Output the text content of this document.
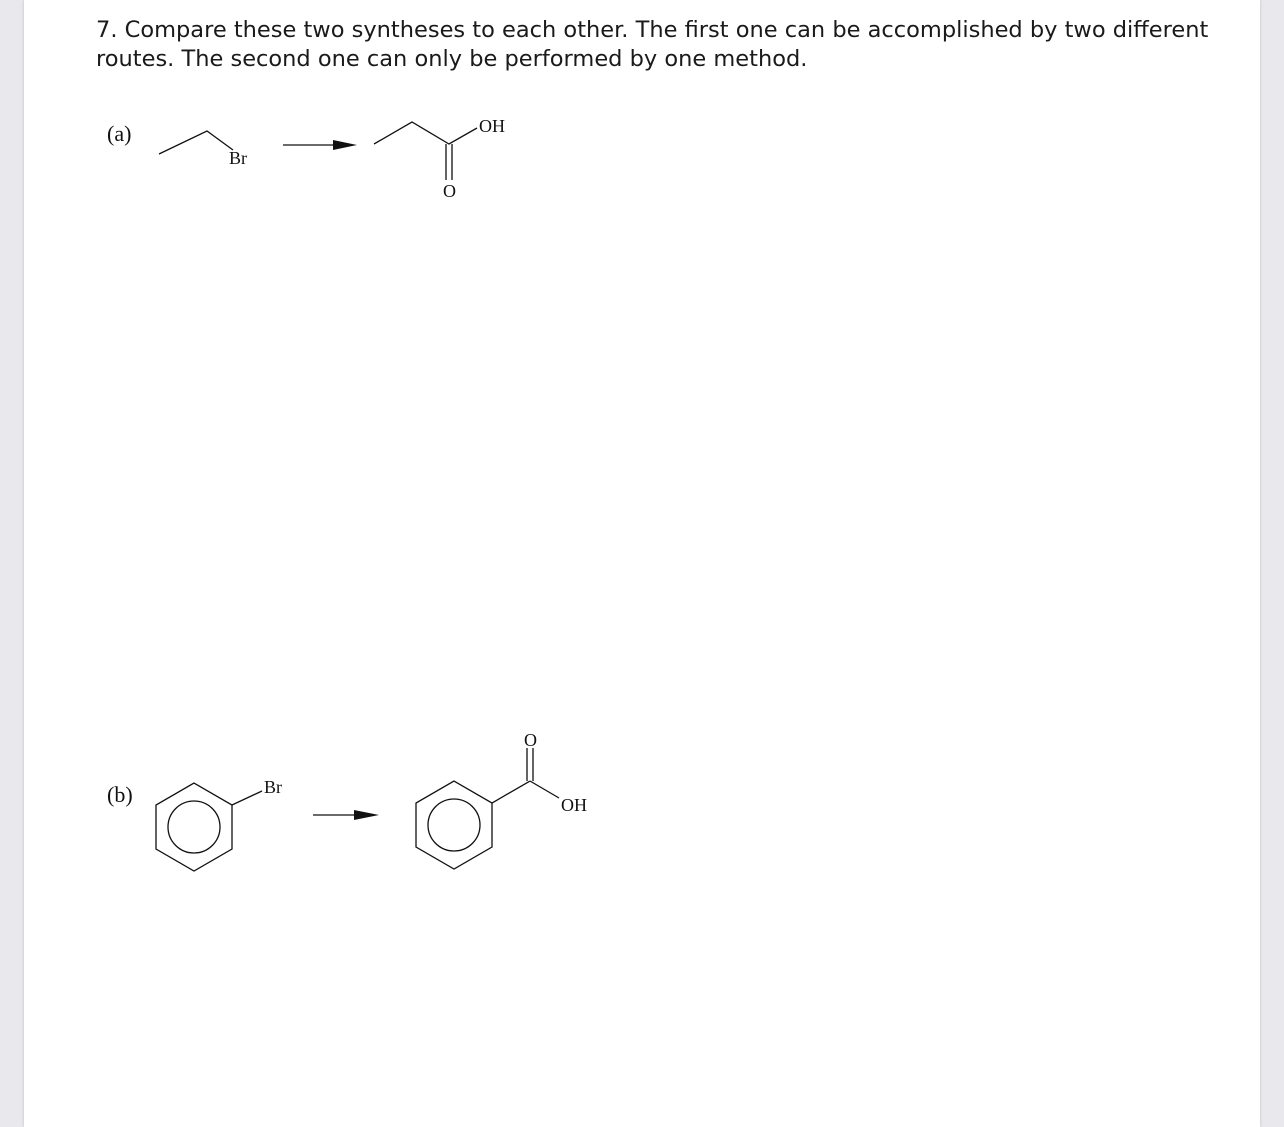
7. Compare these two syntheses to each other. The first one can be accomplished by two different
routes. The second one can only be performed by one method.
(a)
(b)
Br
OH
O
Br
O
OH
